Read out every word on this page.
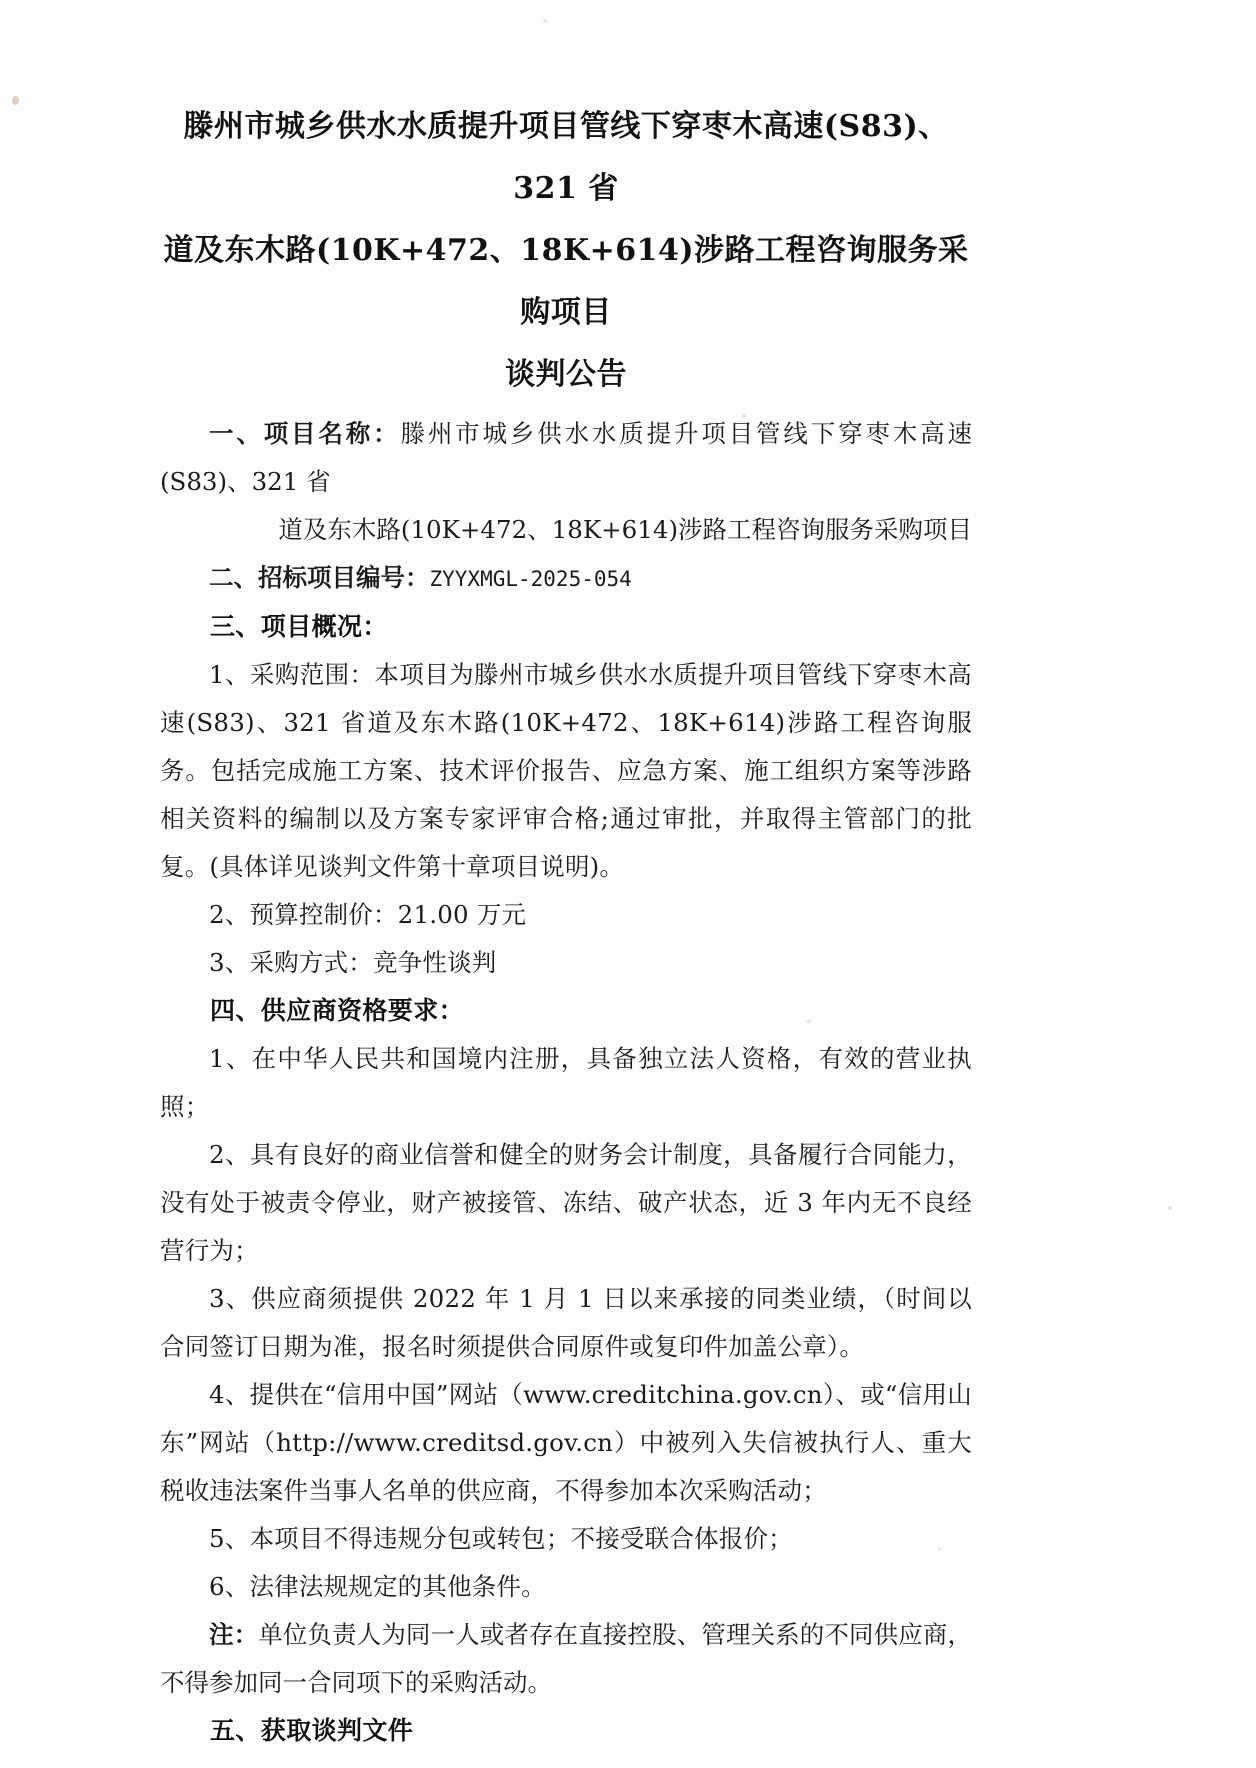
滕州市城乡供水水质提升项目管线下穿枣木高速(S83)、321 省
道及东木路(10K+472、18K+614)涉路工程咨询服务采购项目
谈判公告

一、项目名称：滕州市城乡供水水质提升项目管线下穿枣木高速(S83)、321 省

道及东木路(10K+472、18K+614)涉路工程咨询服务采购项目

二、招标项目编号：ZYYXMGL-2025-054

三、项目概况：

1、采购范围：本项目为滕州市城乡供水水质提升项目管线下穿枣木高速(S83)、321 省道及东木路(10K+472、18K+614)涉路工程咨询服务。包括完成施工方案、技术评价报告、应急方案、施工组织方案等涉路相关资料的编制以及方案专家评审合格;通过审批，并取得主管部门的批复。(具体详见谈判文件第十章项目说明)。

2、预算控制价：21.00 万元

3、采购方式：竞争性谈判

四、供应商资格要求：

1、在中华人民共和国境内注册，具备独立法人资格，有效的营业执照；

2、具有良好的商业信誉和健全的财务会计制度，具备履行合同能力，没有处于被责令停业，财产被接管、冻结、破产状态，近 3 年内无不良经营行为；

3、供应商须提供 2022 年 1 月 1 日以来承接的同类业绩，（时间以合同签订日期为准，报名时须提供合同原件或复印件加盖公章）。

4、提供在“信用中国”网站（www.creditchina.gov.cn）、或“信用山东”网站（http://www.creditsd.gov.cn）中被列入失信被执行人、重大税收违法案件当事人名单的供应商，不得参加本次采购活动；

5、本项目不得违规分包或转包；不接受联合体报价；

6、法律法规规定的其他条件。

注：单位负责人为同一人或者存在直接控股、管理关系的不同供应商，不得参加同一合同项下的采购活动。

五、获取谈判文件
